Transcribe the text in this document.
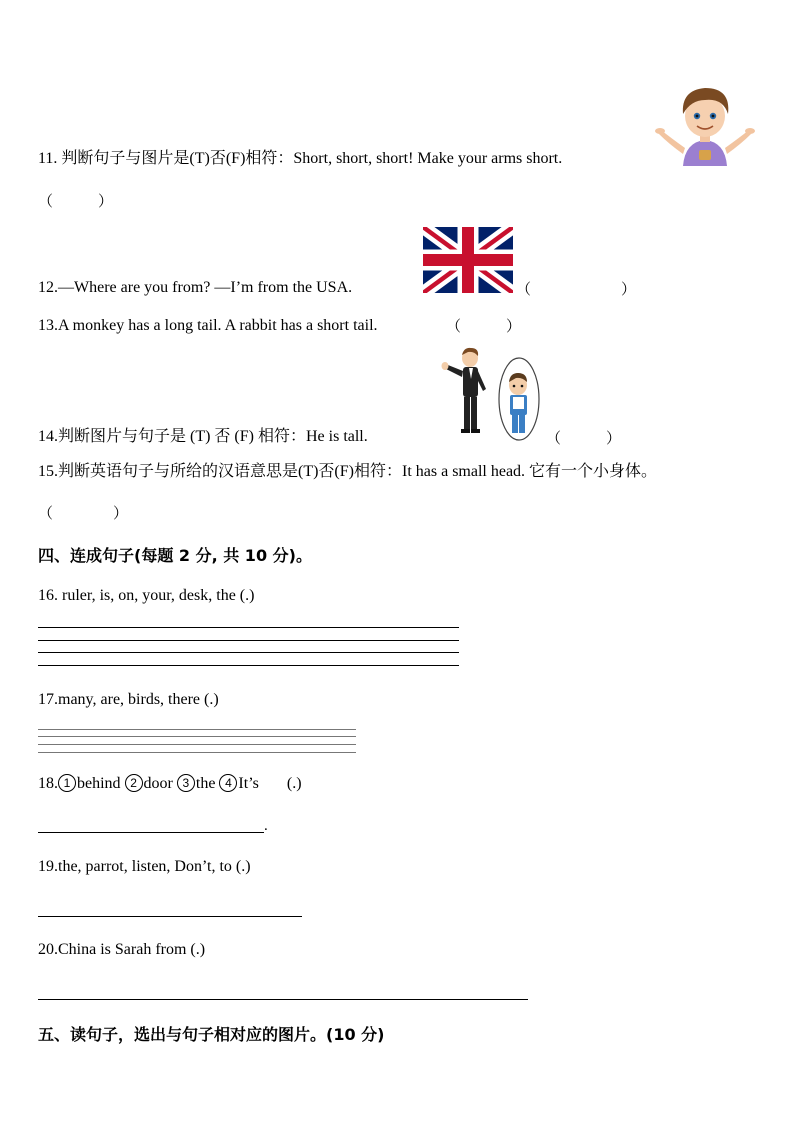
11. 判断句子与图片是(T)否(F)相符：Short, short, short! Make your arms short.
（　　　）
12.—Where are you from? —I’m from the USA.	（　　　　　　）
13.A monkey has a long tail. A rabbit has a short tail.	（　　　）
14.判断图片与句子是 (T) 否 (F) 相符：He is tall.	（　　　）
15.判断英语句子与所给的汉语意思是(T)否(F)相符：It has a small head. 它有一个小身体。
（　　　　）
四、连成句子(每题 2 分, 共 10 分)。
16. ruler, is, on, your, desk, the (.)
17.many, are, birds, there (.)
18. 1 behind 2 door 3 the 4 It’s (.)
.
19.the, parrot, listen, Don’t, to (.)
20.China is Sarah from (.)
五、读句子，选出与句子相对应的图片。(10 分)
